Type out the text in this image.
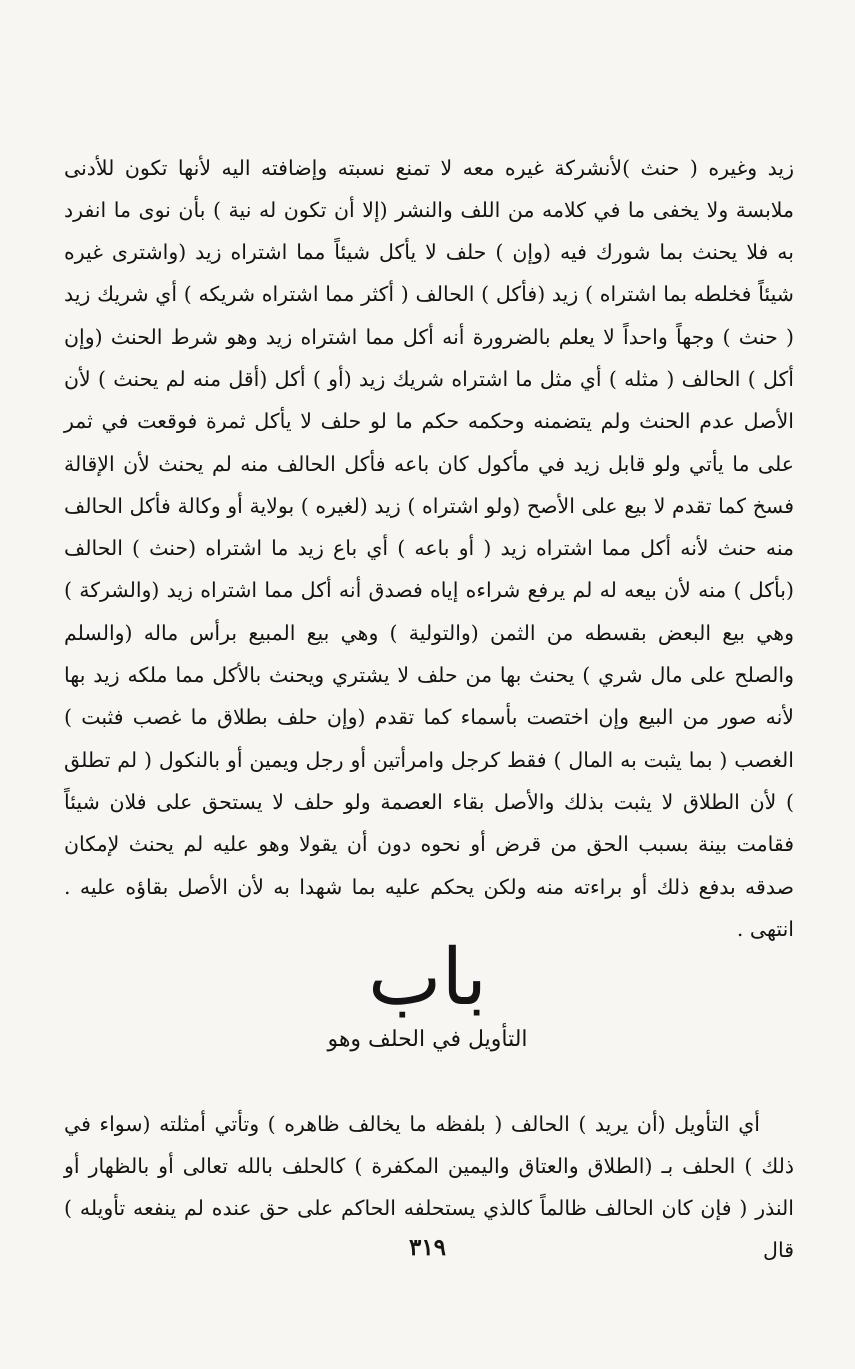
زيد وغيره ( حنث )لأنشركة غيره معه لا تمنع نسبته وإضافته اليه لأنها تكون للأدنى ملابسة ولا يخفى ما في كلامه من اللف والنشر (إلا أن تكون له نية ) بأن نوى ما انفرد به فلا يحنث بما شورك فيه (وإن ) حلف لا يأكل شيئاً مما اشتراه زيد (واشترى غيره شيئاً فخلطه بما اشتراه ) زيد (فأكل ) الحالف ( أكثر مما اشتراه شريكه ) أي شريك زيد ( حنث ) وجهاً واحداً لا يعلم بالضرورة أنه أكل مما اشتراه زيد وهو شرط الحنث (وإن أكل ) الحالف ( مثله ) أي مثل ما اشتراه شريك زيد (أو ) أكل (أقل منه لم يحنث ) لأن الأصل عدم الحنث ولم يتضمنه وحكمه حكم ما لو حلف لا يأكل ثمرة فوقعت في ثمر على ما يأتي ولو قابل زيد في مأكول كان باعه فأكل الحالف منه لم يحنث لأن الإقالة فسخ كما تقدم لا بيع على الأصح (ولو اشتراه ) زيد (لغيره ) بولاية أو وكالة فأكل الحالف منه حنث لأنه أكل مما اشتراه زيد ( أو باعه ) أي باع زيد ما اشتراه (حنث ) الحالف (بأكل ) منه لأن بيعه له لم يرفع شراءه إياه فصدق أنه أكل مما اشتراه زيد (والشركة ) وهي بيع البعض بقسطه من الثمن (والتولية ) وهي بيع المبيع برأس ماله (والسلم والصلح على مال شري ) يحنث بها من حلف لا يشتري ويحنث بالأكل مما ملكه زيد بها لأنه صور من البيع وإن اختصت بأسماء كما تقدم (وإن حلف بطلاق ما غصب فثبت ) الغصب ( بما يثبت به المال ) فقط كرجل وامرأتين أو رجل ويمين أو بالنكول ( لم تطلق ) لأن الطلاق لا يثبت بذلك والأصل بقاء العصمة ولو حلف لا يستحق على فلان شيئاً فقامت بينة بسبب الحق من قرض أو نحوه دون أن يقولا وهو عليه لم يحنث لإمكان صدقه بدفع ذلك أو براءته منه ولكن يحكم عليه بما شهدا به لأن الأصل بقاؤه عليه . انتهى .

باب
التأويل في الحلف وهو

أي التأويل (أن يريد ) الحالف ( بلفظه ما يخالف ظاهره ) وتأتي أمثلته (سواء في ذلك ) الحلف بـ (الطلاق والعتاق واليمين المكفرة ) كالحلف بالله تعالى أو بالظهار أو النذر ( فإن كان الحالف ظالماً كالذي يستحلفه الحاكم على حق عنده لم ينفعه تأويله ) قال

٣١٩
